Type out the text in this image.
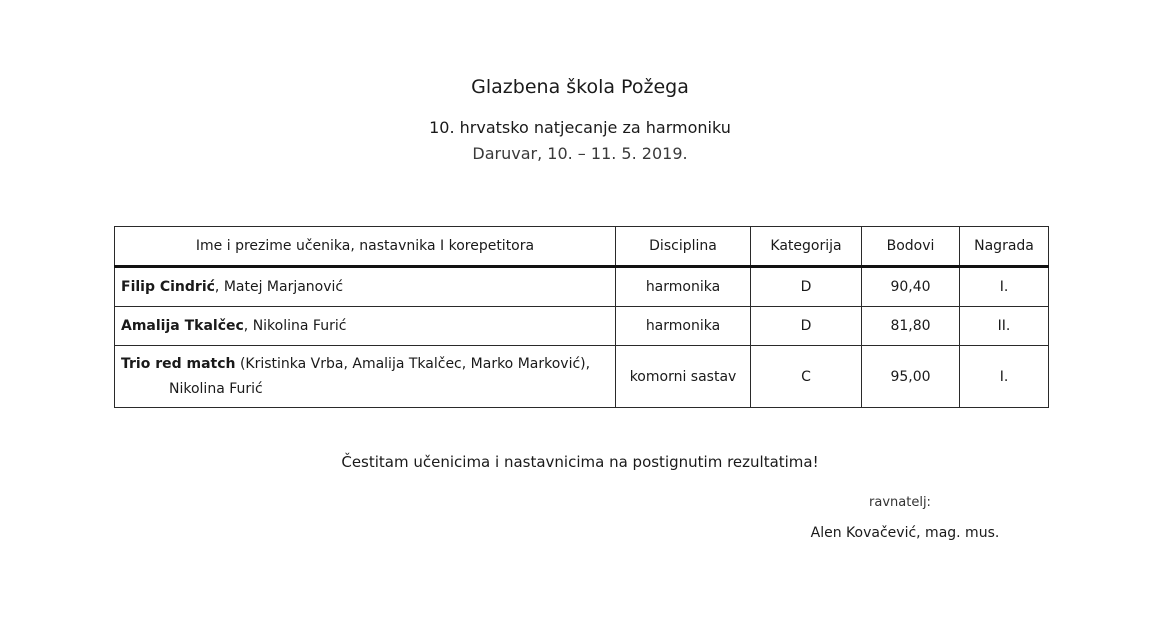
Glazbena škola Požega
10. hrvatsko natjecanje za harmoniku
Daruvar, 10. – 11. 5. 2019.
Ime i prezime učenika, nastavnika I korepetitora	Disciplina	Kategorija	Bodovi	Nagrada
Filip Cindrić, Matej Marjanović	harmonika	D	90,40	I.
Amalija Tkalčec, Nikolina Furić	harmonika	D	81,80	II.
Trio red match (Kristinka Vrba, Amalija Tkalčec, Marko Marković),
Nikolina Furić	komorni sastav	C	95,00	I.
Čestitam učenicima i nastavnicima na postignutim rezultatima!
ravnatelj:
Alen Kovačević, mag. mus.
